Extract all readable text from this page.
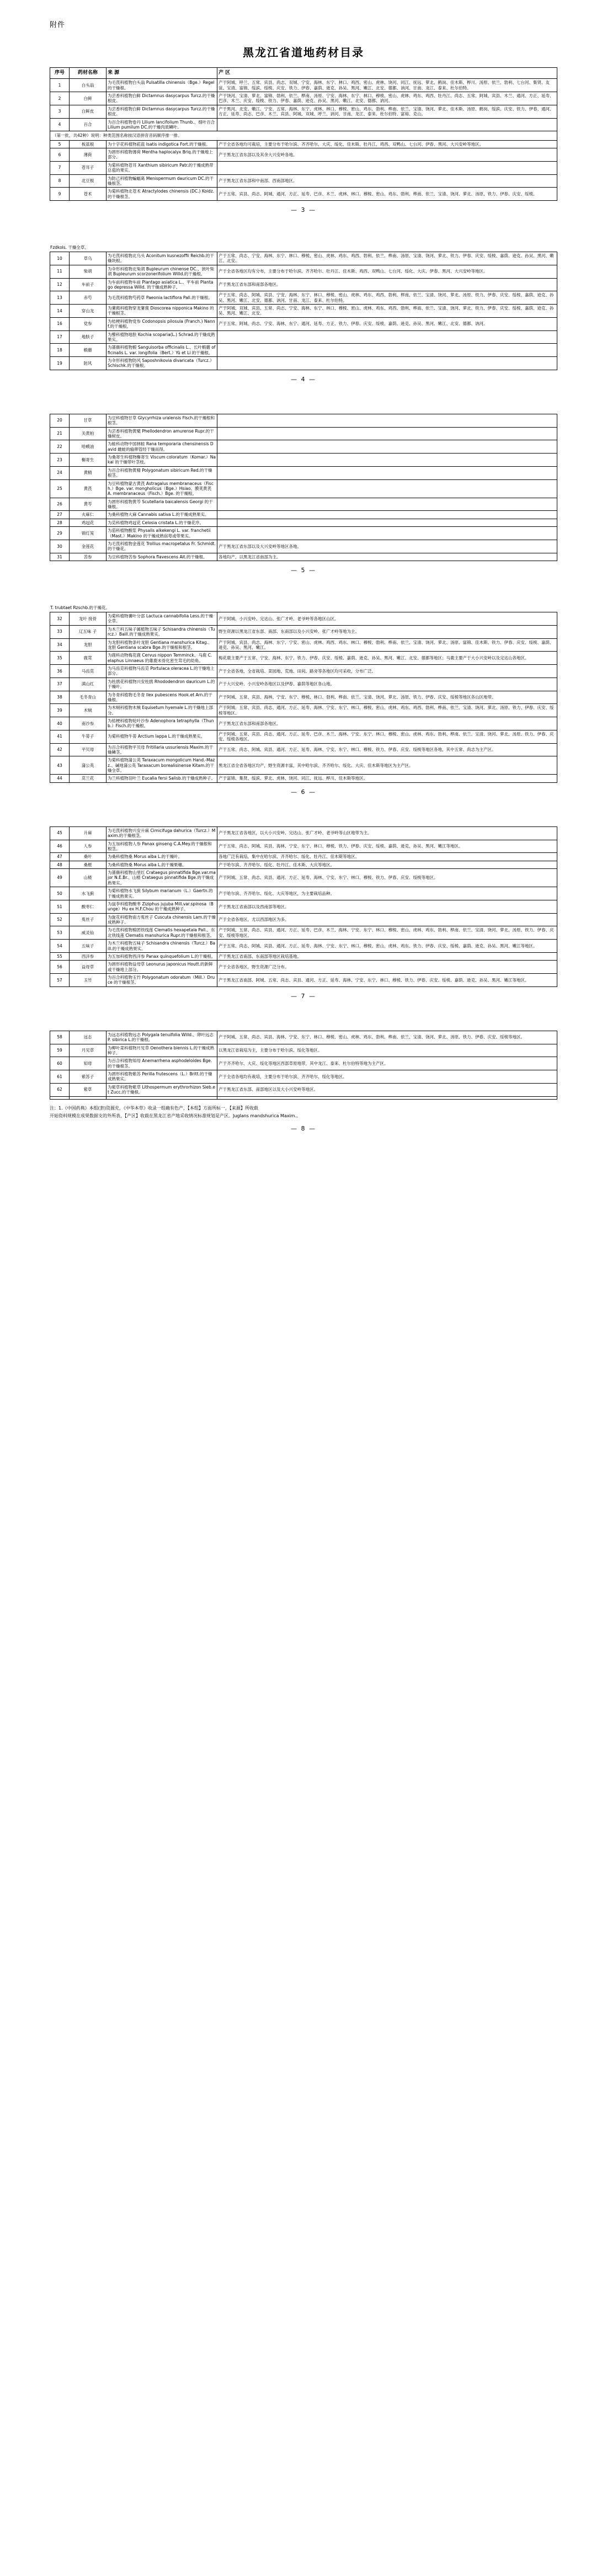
附件
黑龙江省道地药材目录
序号	药材名称	来 源	产 区
1	白头翁	为毛茛科植物白头翁 Pulsatilla chinensis（Bge.）Regel 的干燥根。	产于阿城、呼兰、五常、宾县、尚志、双城、宁安、海林、东宁、林口、鸡西、密山、虎林、饶河、同江、抚远、萝北、鹤岗、佳木斯、桦川、汤原、依兰、勃利、七台河、集贤、友谊、宝清、富锦、绥滨、绥棱、庆安、铁力、伊春、嘉荫、逊克、孙吴、黑河、嫩江、北安、德都、讷河、甘南、龙江、泰来、杜尔伯特。
2	白鲜	为芸香科植物白鲜 Dictamnus dasycarpus Turcz.的干燥根皮。	产于饶河、宝清、萝北、富锦、勃利、依兰、桦南、汤原、宁安、海林、东宁、林口、穆棱、密山、虎林、鸡东、鸡西、牡丹江、尚志、五常、阿城、宾县、木兰、通河、方正、延寿、巴彦、木兰、庆安、绥棱、铁力、伊春、嘉荫、逊克、孙吴、黑河、嫩江、北安、德都、讷河。
3	白鲜皮	为芸香科植物白鲜 Dictamnus dasycarpus Turcz.的干燥根皮。	产于黑河、北安、嫩江、宁安、五常、海林、东宁、虎林、林口、穆棱、密山、鸡东、勃利、桦南、依兰、宝清、饶河、萝北、佳木斯、汤原、鹤岗、绥滨、庆安、铁力、伊春、通河、方正、延寿、尚志、巴彦、木兰、宾县、阿城、双城、呼兰、讷河、甘南、龙江、泰来、杜尔伯特、富裕、克山。
4	百合	为百合科植物卷丹 Lilium lancifolium Thunb.、细叶百合 Lilium pumilum DC.的干燥肉质鳞叶。	　　　　　　　　　　　　　　　　　　　　　　　　　　　　　
（第一批，共42种）说明：种类范围名称按汉语拼音音码顺序排一排。			
5	板蓝根	为十字花科植物菘蓝 Isatis indigotica Fort.的干燥根。	产于全省各地均可栽培，主要分布于哈尔滨、齐齐哈尔、大庆、绥化、佳木斯、牡丹江、鸡西、双鸭山、七台河、伊春、黑河、大兴安岭等地区。
6	薄荷	为唇形科植物薄荷 Mentha haplocalyx Briq.的干燥地上部分。	产于黑龙江省东部以及其余大兴安岭各地。
7	苍耳子	为菊科植物苍耳 Xanthium sibiricum Patr.的干燥成熟带总苞的果实。	　　　　　　　　　　　　　　　　　　　　　　　　　　　　　
8	北豆根	为防己科植物蝙蝠葛 Menispermum dauricum DC.的干燥根茎。	产于黑龙江省东部和中南部、西南部地区。
9	苍术	为菊科植物北苍术 Atractylodes chinensis (DC.) Koidz.的干燥根茎。	产于五常、宾县、尚志、阿城、通河、方正、延寿、巴彦、木兰、虎林、林口、穆棱、密山、鸡东、勃利、桦南、依兰、宝清、饶河、萝北、汤原、铁力、伊春、庆安、绥棱。
— 3 —
Fzdkols. 干燥全草。
10	草乌	为毛茛科植物北乌头 Aconitum kusnezoffii Reichb.的干燥块根。	产于五常、尚志、宁安、海林、东宁、林口、穆棱、密山、虎林、鸡东、鸡西、勃利、依兰、桦南、汤原、宝清、饶河、萝北、铁力、伊春、庆安、绥棱、嘉荫、逊克、孙吴、黑河、嫩江、北安。
11	柴胡	为伞形科植物北柴胡 Bupleurum chinense DC.、狭叶柴胡 Bupleurum scorzonerifolium Willd.的干燥根。	产于全省各地区均有分布，主要分布于哈尔滨、齐齐哈尔、牡丹江、佳木斯、鸡西、双鸭山、七台河、绥化、大庆、伊春、黑河、大兴安岭等地区。
12	车前子	为车前科植物车前 Plantago asiatica L.、平车前 Plantago depressa Willd. 的干燥成熟种子。	产于黑龙江省东部和南部各地区。
13	赤芍	为毛茛科植物芍药草 Paeonia lactiflora Pall.的干燥根。	产于五常、尚志、阿城、宾县、宁安、海林、东宁、林口、穆棱、密山、虎林、鸡东、鸡西、勃利、桦南、依兰、宝清、饶河、萝北、汤原、铁力、伊春、庆安、绥棱、嘉荫、逊克、孙吴、黑河、嫩江、北安、德都、讷河、甘南、龙江、泰来、杜尔伯特。
14	穿山龙	为薯蓣科植物穿龙薯蓣 Dioscorea nipponica Makino 的干燥根茎。	产于阿城、双城、宾县、五常、尚志、宁安、海林、东宁、林口、穆棱、密山、虎林、鸡东、鸡西、勃利、桦南、依兰、宝清、饶河、萝北、铁力、伊春、庆安、绥棱、嘉荫、逊克、孙吴、黑河、嫩江、北安。
16	党参	为桔梗科植物党参 Codonopsis pilosula (Franch.) Nannf.的干燥根。	产于五常、阿城、尚志、宁安、海林、东宁、通河、延寿、方正、铁力、伊春、庆安、绥棱、嘉荫、逊克、孙吴、黑河、嫩江、北安、德都、讷河。
17	地肤子	为藜科植物地肤 Kochia scoparia(L.) Schrad.的干燥成熟果实。	　　　　　　　　　　　　　　　　　　　　　　　　　　　　　
18	椴蘑	为蔷薇科植物椴 Sanguisorba officinalis L.、长叶椴蘑 officinalis L. var. longifolia（Bert.）Yü et Li 的干燥根。	　　　　　　　　　　　　　　　　　　　　　　　　　　　　　
19	防风	为伞形科植物防风 Saposhnikovia divaricata（Turcz.）Schischk.的干燥根。	　　　　　　　　　　　　　　　　　　　　　　　　　　　　　
— 4 —
20	甘草	为豆科植物甘草 Glycyrrhiza uralensis Fisch.的干燥根和根茎。	　　　　　　　　　　　　　　　　　　　　　　　　　　　　　
21	关黄柏	为芸香科植物黄檗 Phellodendron amurense Rupr.的干燥树皮。	　　　　　　　　　　　　　　　　　　　　　　　　　　　　　
22	哈蟆油	为蛙科动物中国林蛙 Rana temporaria chensinensis David 雌蛙的输卵管经干燥而得。	　　　　　　　　　　　　　　　　　　　　　　　　　　　　　
23	槲寄生	为桑寄生科植物槲寄生 Viscum coloratum（Komar.）Nakai 的干燥带叶茎枝。	　　　　　　　　　　　　　　　　　　　　　　　　　　　　　
24	黄精	为百合科植物黄精 Polygonatum sibiricum Red.的干燥根茎。	　　　　　　　　　　　　　　　　　　　　　　　　　　　　　
25	黄芪	为豆科植物蒙古黄芪 Astragalus membranaceus（Fisch.）Bge. var. mongholicus（Bge.）Hsiao、膜荚黄芪 A. membranaceus（Fisch.）Bge. 的干燥根。	　　　　　　　　　　　　　　　　　　　　　　　　　　　　　
26	黄芩	为唇形科植物黄芩 Scutellaria baicalensis Georgi 的干燥根。	　　　　　　　　　　　　　　　　　　　　　　　　　　　　　
27	火麻仁	为桑科植物大麻 Cannabis sativa L.的干燥成熟果实。	　　　　　　　　　　　　　　　　　　　　　　　　　　　　　
28	鸡冠花	为苋科植物鸡冠花 Celosia cristata L.的干燥花序。	　　　　　　　　　　　　　　　　　　　　　　　　　　　　　
29	锦灯笼	为茄科植物酸浆 Physalis alkekengi L. var. franchetii（Mast.）Makino 的干燥成熟宿萼或带果实。	　　　　　　　　　　　　　　　　　　　　　　　　　　　　　
30	金莲花	为毛茛科植物金莲花 Trollius macropetalus Fr. Schmidt. 的干燥花。	产于黑龙江省东部以及大兴安岭等地区各地。
31	苦参	为豆科植物苦参 Sophora flavescens Ait.的干燥根。	各地均产，以黑龙江省南部为主。
— 5 —
T. trubtaet Rzschb.的干燥花。
32	龙叶 接骨	为菊科植物蓍叶分部 Lactuca cannabifolia Less.的干燥全草。	产于阿城、小兴安岭、完达山、张广才岭、老爷岭等各地区山区。
33	辽五味 子	为木兰科五味子属植物五味子 Schisandra chinensis（Turcz.）Baill.的干燥成熟果实。	野生资源以黑龙江省东部、南部、东南部以及小兴安岭、张广才岭等地为主。
34	龙胆	为龙胆科植物条叶龙胆 Gentiana manshurica Kitag.、龙胆 Gentiana scabra Bge.的干燥根和根茎。	产于阿城、宾县、尚志、海林、东宁、宁安、密山、虎林、鸡西、鸡东、林口、穆棱、勃利、桦南、依兰、宝清、饶河、萝北、汤原、富锦、佳木斯、铁力、伊春、庆安、绥棱、嘉荫、逊克、孙吴、黑河、嫩江。
35	鹿茸	为鹿科动物梅花鹿 Cervus nippon Temminck、马鹿 C. elaphus Linnaeus 的雄鹿未骨化密生茸毛的幼角。	梅花鹿主要产于五常、宁安、海林、东宁、铁力、伊春、庆安、绥棱、嘉荫、逊克、孙吴、黑河、嫩江、北安、德都等地区；马鹿主要产于大小兴安岭以及完达山各地区。
36	马齿苋	为马齿苋科植物马齿苋 Portulaca oleracea L.的干燥地上部分。	产于全省各地，全省栽培、菜园地、荒地、田间、路旁等各地区均可采收，分布广泛。
37	满山红	为杜鹃花科植物兴安杜鹃 Rhododendron dauricum L.的干燥叶。	产于大兴安岭、小兴安岭各地区以及伊春、嘉荫等地区各山地。
38	毛冬青山	为冬青科植物毛冬青 Ilex pubescens Hook.et Arn.的干燥根。	产于阿城、五常、宾县、海林、宁安、东宁、穆棱、林口、勃利、桦南、依兰、宝清、饶河、萝北、汤原、铁力、伊春、庆安、绥棱等地区各山区地带。
39	木贼	为木贼科植物木贼 Equisetum hyemale L.的干燥地上部分。	产于阿城、五常、宾县、尚志、通河、方正、延寿、海林、宁安、东宁、林口、穆棱、密山、虎林、鸡东、鸡西、勃利、桦南、依兰、宝清、饶河、萝北、汤原、铁力、伊春、庆安、绥棱等地区。
40	南沙参	为桔梗科植物轮叶沙参 Adenophora tetraphylla（Thunb.）Fisch.的干燥根。	产于黑龙江省东部和南部各地区。
41	牛蒡子	为菊科植物牛蒡 Arctium lappa L.的干燥成熟果实。	产于阿城、五常、宾县、尚志、通河、方正、延寿、巴彦、木兰、海林、宁安、东宁、林口、穆棱、密山、虎林、鸡东、勃利、桦南、依兰、宝清、饶河、萝北、汤原、铁力、伊春、庆安、绥棱各地区。
42	平贝母	为百合科植物平贝母 Fritillaria ussuriensis Maxim.的干燥鳞茎。	产于五常、尚志、阿城、宾县、通河、方正、延寿、海林、宁安、东宁、林口、穆棱、铁力、伊春、庆安、绥棱等地区各地，其中五常、尚志为主产区。
43	蒲公英	为菊科植物蒲公英 Taraxacum mongolicum Hand.-Mazz.、碱地蒲公英 Taraxacum borealisinense Kitam.的干燥全草。	黑龙江省全省各地区均产，野生资源丰富，其中哈尔滨、齐齐哈尔、绥化、大庆、佳木斯等地区为主产区。
44	苋兰花	为兰科植物羽叶兰 Eucalia fersi Salisb.的干燥成熟种子。	产于富锦、集贤、绥滨、萝北、虎林、饶河、同江、抚远、桦川、佳木斯等地区。
— 6 —
45	升麻	为毛茛科植物兴安升麻 Cimicifuga dahurica（Turcz.）Maxim.的干燥根茎。	产于黑龙江省各地区，以大小兴安岭、完达山、张广才岭、老爷岭等山区地带为主。
46	人参	为五加科植物人参 Panax ginseng C.A.Mey.的干燥根和根茎。	产于五常、尚志、阿城、宾县、海林、宁安、东宁、林口、穆棱、铁力、伊春、庆安、绥棱、嘉荫、逊克、孙吴、黑河、嫩江等地区。
47	桑叶	为桑科植物桑 Morus alba L.的干燥叶。	各地广泛有栽培，集中在哈尔滨、齐齐哈尔、绥化、牡丹江、佳木斯等地区。
48	桑椹	为桑科植物桑 Morus alba L.的干燥果穗。	产于哈尔滨、齐齐哈尔、绥化、牡丹江、佳木斯、大庆等地区。
49	山楂	为蔷薇科植物山里红 Crataegus pinnatifida Bge.var.major N.E.Br.、山楂 Crataegus pinnatifida Bge.的干燥成熟果实。	产于阿城、五常、尚志、宾县、通河、方正、延寿、海林、宁安、东宁、林口、穆棱、铁力、伊春、庆安、绥棱等地区。
50	水飞蓟	为菊科植物水飞蓟 Silybum marianum（L.）Gaertn.的干燥成熟果实。	产于哈尔滨、齐齐哈尔、绥化、大庆等地区，为主要栽培品种。
51	酸枣仁	为鼠李科植物酸枣 Ziziphus jujuba Mill.var.spinosa（Bunge）Hu ex H.F.Chou 的干燥成熟种子。	产于黑龙江省南部以及西南部等地区。
52	菟丝子	为旋花科植物南方菟丝子 Cuscuta chinensis Lam.的干燥成熟种子。	产于全省各地区，尤以西部地区为多。
53	威灵仙	为毛茛科植物棉团铁线莲 Clematis hexapetala Pall.、东北铁线莲 Clematis manshurica Rupr.的干燥根和根茎。	产于阿城、五常、尚志、宾县、通河、方正、延寿、巴彦、木兰、海林、宁安、东宁、林口、穆棱、密山、虎林、鸡东、勃利、桦南、依兰、宝清、饶河、萝北、汤原、铁力、伊春、庆安、绥棱等地区。
54	五味子	为木兰科植物五味子 Schisandra chinensis（Turcz.）Baill.的干燥成熟果实。	产于五常、尚志、阿城、宾县、通河、方正、延寿、海林、宁安、东宁、林口、穆棱、密山、虎林、鸡东、铁力、伊春、庆安、绥棱、嘉荫、逊克、孙吴、黑河、嫩江等地区。
55	西洋参	为五加科植物西洋参 Panax quinquefolium L.的干燥根。	产于黑龙江省南部、东南部等地区栽培基地。
56	益母草	为唇形科植物益母草 Leonurus japonicus Houtt.的新鲜或干燥地上部分。	产于全省各地区，野生资源广泛分布。
57	玉竹	为百合科植物玉竹 Polygonatum odoratum（Mill.）Druce 的干燥根茎。	产于黑龙江省南部、阿城、五常、尚志、宾县、通河、方正、延寿、海林、宁安、东宁、林口、穆棱、铁力、伊春、庆安、绥棱、嘉荫、逊克、孙吴、黑河、嫩江等地区。
— 7 —
58	远志	为远志科植物远志 Polygala tenuifolia Willd.、卵叶远志 P. sibirica L.的干燥根。	产于阿城、五常、尚志、宾县、海林、宁安、东宁、林口、穆棱、密山、虎林、鸡东、勃利、桦南、依兰、宝清、饶河、萝北、汤原、铁力、伊春、庆安、绥棱等地区。
59	月见草	为柳叶菜科植物月见草 Oenothera biennis L.的干燥成熟种子。	以黑龙江省栽培为主，主要分布于哈尔滨、绥化等地区。
60	知母	为百合科植物知母 Anemarrhena asphodeloides Bge.的干燥根茎。	产于齐齐哈尔、大庆、绥化等地区西部草原地带，其中龙江、泰来、杜尔伯特等地为主产区。
61	紫苏子	为唇形科植物紫苏 Perilla frutescens（L.）Britt.的干燥成熟果实。	产于全省各地均有栽培，主要分布于哈尔滨、齐齐哈尔、绥化等地区。
62	紫草	为紫草科植物紫草 Lithospermum erythrorhizon Sieb.et Zucc.的干燥根。	产于黑龙江省东部、南部地区以及大小兴安岭等地区。

注：1.《中国药典》本组(套)资源充，《中华本草》收录一组确有色产，【本组】方面所标一，【来源】所收载

开始资料规模在成果数据支的外所表，【产区】收载在黑龙江省产地采收情况标准规划是产区。Juglans mandshurica Maxim.。

— 8 —
